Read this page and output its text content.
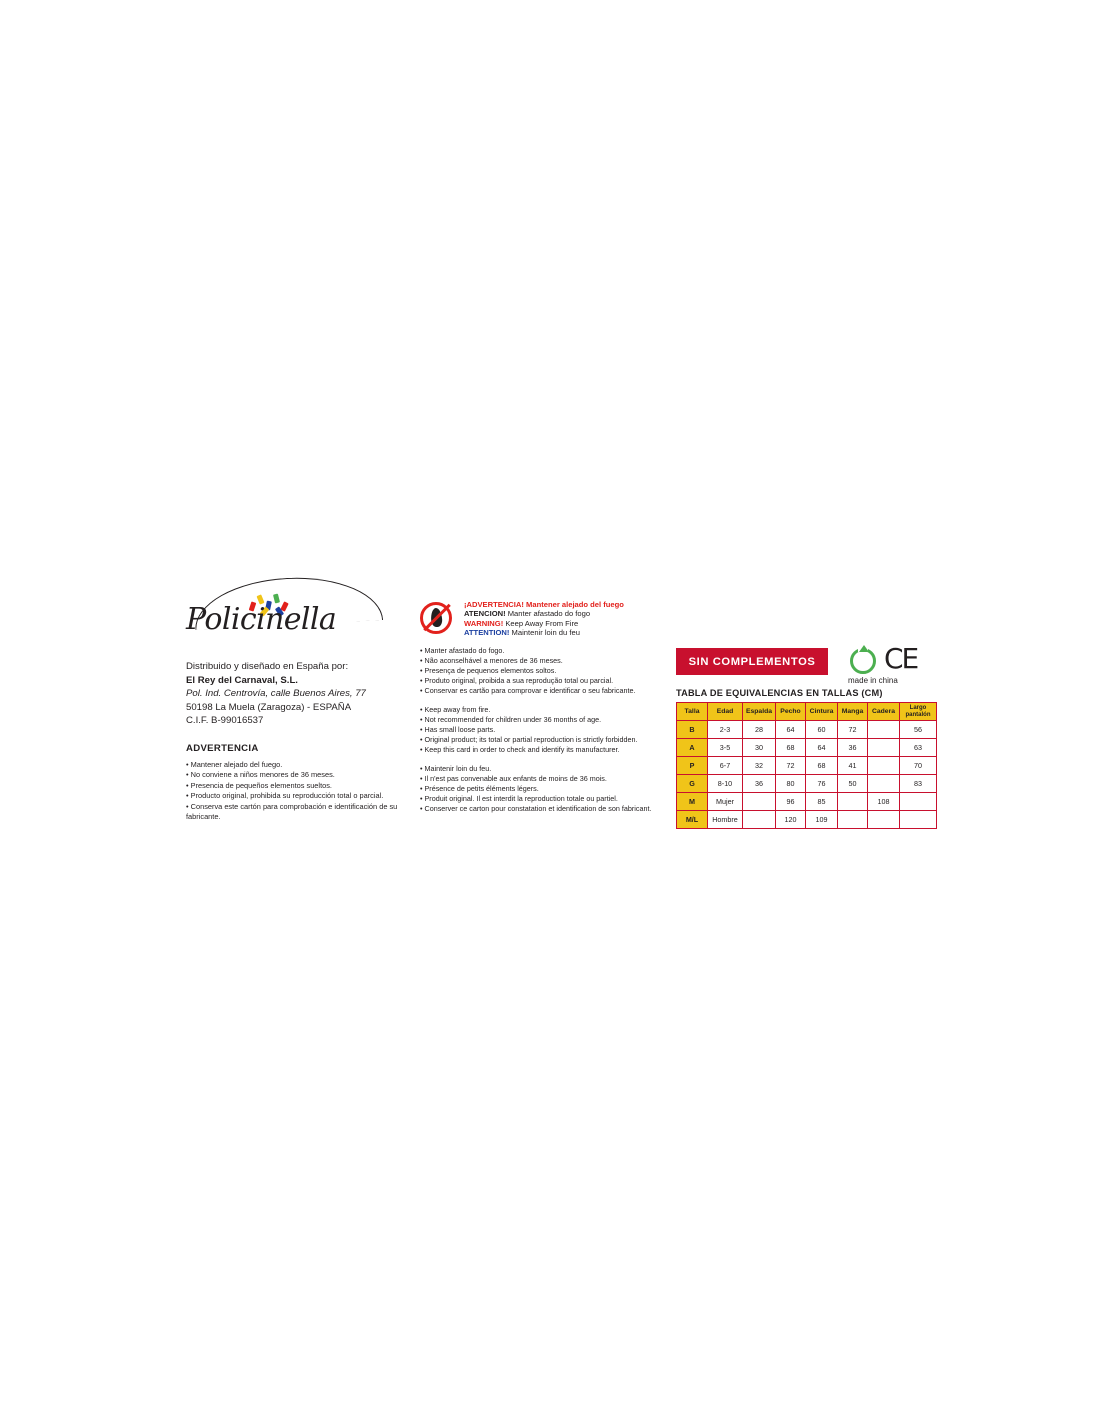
Policinella
Distribuido y diseñado en España por:
El Rey del Carnaval, S.L.
Pol. Ind. Centrovía, calle Buenos Aires, 77
50198 La Muela (Zaragoza) - ESPAÑA
C.I.F. B-99016537
ADVERTENCIA
• Mantener alejado del fuego.
• No conviene a niños menores de 36 meses.
• Presencia de pequeños elementos sueltos.
• Producto original, prohibida su reproducción total o parcial.
• Conserva este cartón para comprobación e identificación de su fabricante.
¡ADVERTENCIA! Mantener alejado del fuego
ATENCION! Manter afastado do fogo
WARNING! Keep Away From Fire
ATTENTION! Maintenir loin du feu
• Manter afastado do fogo.
• Não aconselhável a menores de 36 meses.
• Presença de pequenos elementos soltos.
• Produto original, proibida a sua reprodução total ou parcial.
• Conservar es cartão para comprovar e identificar o seu fabricante.
• Keep away from fire.
• Not recommended for children under 36 months of age.
• Has small loose parts.
• Original product; its total or partial reproduction is strictly forbidden.
• Keep this card in order to check and identify its manufacturer.
• Maintenir loin du feu.
• Il n'est pas convenable aux enfants de moins de 36 mois.
• Présence de petits éléments légers.
• Produit original. Il est interdit la reproduction totale ou partiel.
• Conserver ce carton pour constatation et identification de son fabricant.
SIN COMPLEMENTOS	CE
made in china
TABLA DE EQUIVALENCIAS EN TALLAS (CM)
Talla	Edad	Espalda	Pecho	Cintura	Manga	Cadera	Largo
pantalón

B	2-3	28	64	60	72		56
A	3-5	30	68	64	36		63
P	6-7	32	72	68	41		70
G	8-10	36	80	76	50		83
M	Mujer		96	85		108	
M/L	Hombre		120	109			
